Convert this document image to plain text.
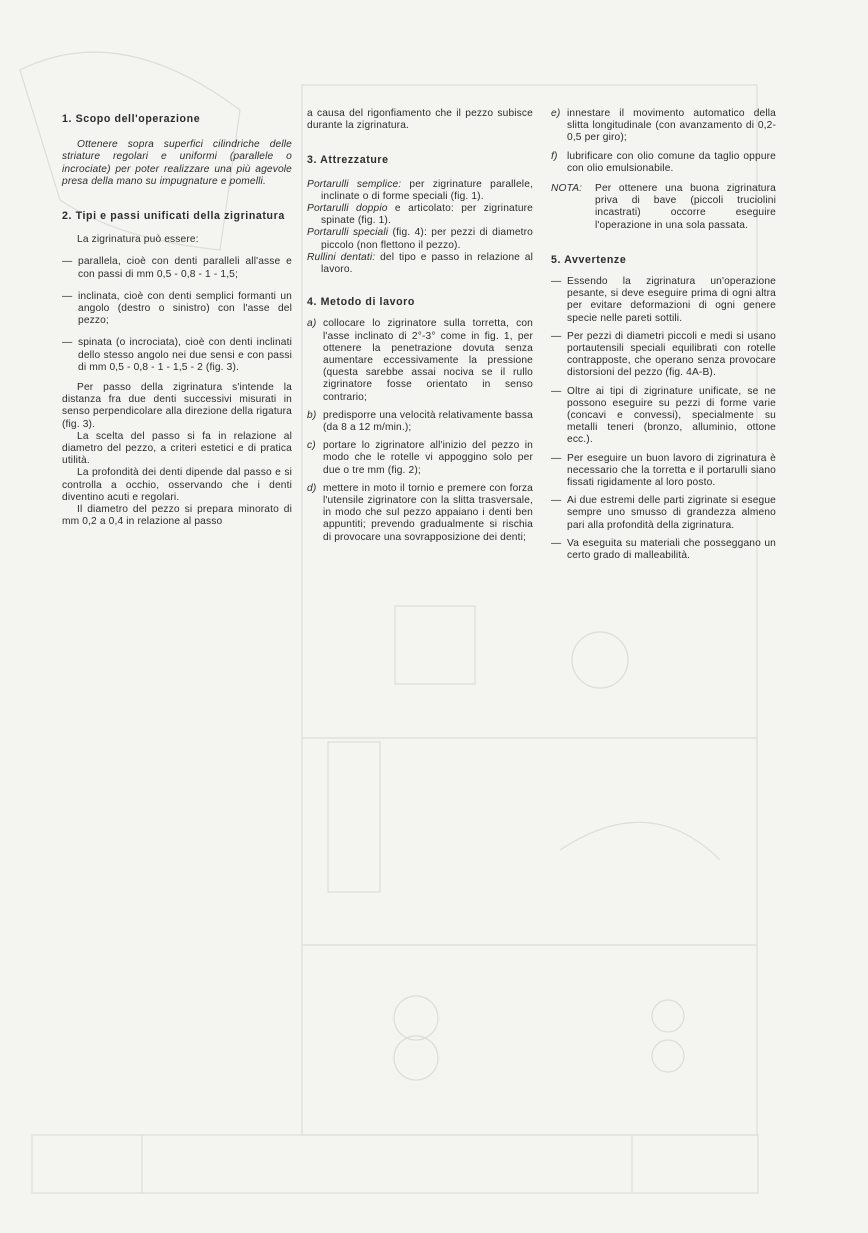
1. Scopo dell'operazione

Ottenere sopra superfici cilindriche delle striature regolari e uniformi (parallele o incrociate) per poter realizzare una più agevole presa della mano su impugnature e pomelli.

2. Tipi e passi unificati della zigrinatura

La zigrinatura può essere:

— parallela, cioè con denti paralleli all'asse e con passi di mm 0,5 - 0,8 - 1 - 1,5;
— inclinata, cioè con denti semplici formanti un angolo (destro o sinistro) con l'asse del pezzo;
— spinata (o incrociata), cioè con denti inclinati dello stesso angolo nei due sensi e con passi di mm 0,5 - 0,8 - 1 - 1,5 - 2 (fig. 3).

Per passo della zigrinatura s'intende la distanza fra due denti successivi misurati in senso perpendicolare alla direzione della rigatura (fig. 3).

La scelta del passo si fa in relazione al diametro del pezzo, a criteri estetici e di pratica utilità.

La profondità dei denti dipende dal passo e si controlla a occhio, osservando che i denti diventino acuti e regolari.

Il diametro del pezzo si prepara minorato di mm 0,2 a 0,4 in relazione al passo

a causa del rigonfiamento che il pezzo subisce durante la zigrinatura.

3. Attrezzature

Portarulli semplice: per zigrinature parallele, inclinate o di forme speciali (fig. 1).

Portarulli doppio e articolato: per zigrinature spinate (fig. 1).

Portarulli speciali (fig. 4): per pezzi di diametro piccolo (non flettono il pezzo).

Rullini dentati: del tipo e passo in relazione al lavoro.

4. Metodo di lavoro

a) collocare lo zigrinatore sulla torretta, con l'asse inclinato di 2°-3° come in fig. 1, per ottenere la penetrazione dovuta senza aumentare eccessivamente la pressione (questa sarebbe assai nociva se il rullo zigrinatore fosse orientato in senso contrario;
b) predisporre una velocità relativamente bassa (da 8 a 12 m/min.);
c) portare lo zigrinatore all'inizio del pezzo in modo che le rotelle vi appoggino solo per due o tre mm (fig. 2);
d) mettere in moto il tornio e premere con forza l'utensile zigrinatore con la slitta trasversale, in modo che sul pezzo appaiano i denti ben appuntiti; prevendo gradualmente si rischia di provocare una sovrapposizione dei denti;
e) innestare il movimento automatico della slitta longitudinale (con avanzamento di 0,2-0,5 per giro);
f) lubrificare con olio comune da taglio oppure con olio emulsionabile.
NOTA:	Per ottenere una buona zigrinatura priva di bave (piccoli truciolini incastrati) occorre eseguire l'operazione in una sola passata.

5. Avvertenze

— Essendo la zigrinatura un'operazione pesante, si deve eseguire prima di ogni altra per evitare deformazioni di ogni genere specie nelle pareti sottili.
— Per pezzi di diametri piccoli e medi si usano portautensili speciali equilibrati con rotelle contrapposte, che operano senza provocare distorsioni del pezzo (fig. 4A-B).
— Oltre ai tipi di zigrinature unificate, se ne possono eseguire su pezzi di forme varie (concavi e convessi), specialmente su metalli teneri (bronzo, alluminio, ottone ecc.).
— Per eseguire un buon lavoro di zigrinatura è necessario che la torretta e il portarulli siano fissati rigidamente al loro posto.
— Ai due estremi delle parti zigrinate si esegue sempre uno smusso di grandezza almeno pari alla profondità della zigrinatura.
— Va eseguita su materiali che posseggano un certo grado di malleabilità.
